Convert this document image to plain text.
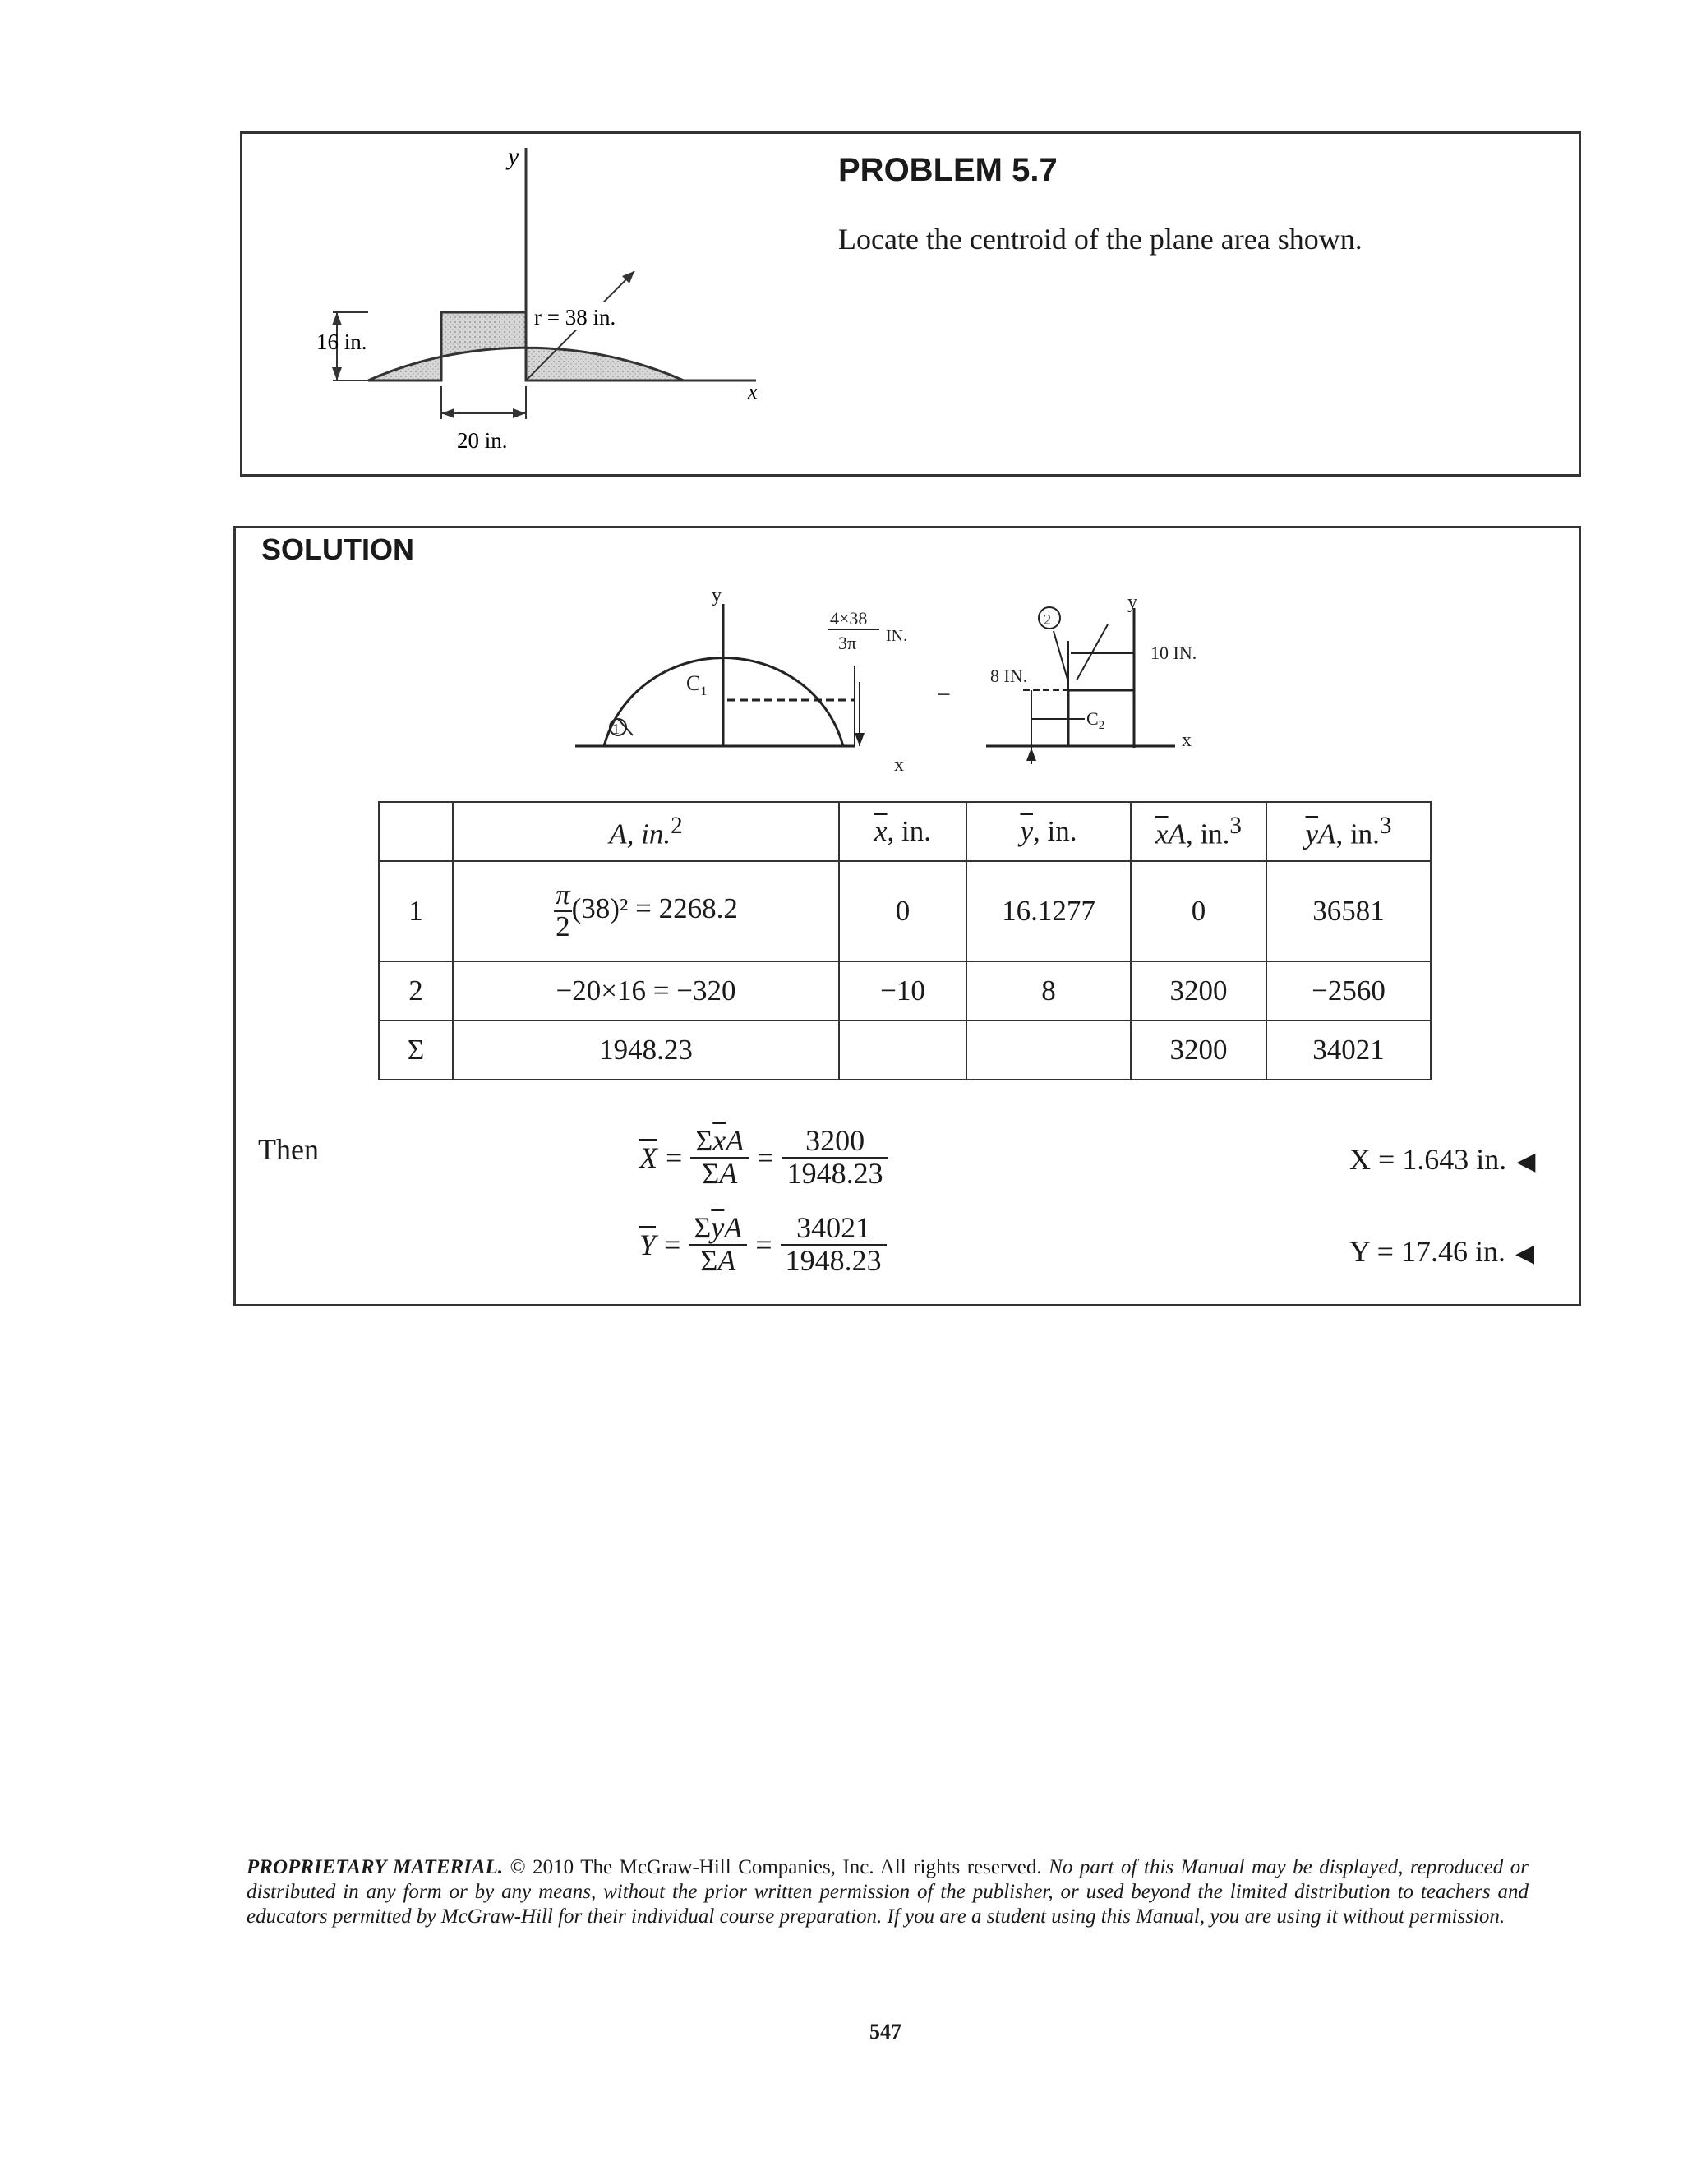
y
x
r = 38 in.
16 in.
20 in.
PROBLEM 5.7
Locate the centroid of the plane area shown.
SOLUTION
1
y
x
$C_1$
4×38
3π IN.
−
2
y
x
10 IN.
8 IN.
$C_2$
	A, in.$^2$	$\overline{x}$, in.	$\overline{y}$, in.	$\overline{x}A$, in.$^3$	$\overline{y}A$, in.$^3$
1	$\frac{\pi}{2} (38)^2 = 2268.2$	0	16.1277	0	36581
2	−20×16 = −320	−10	8	3200	−2560
Σ	1948.23			3200	34021
Then	$\overline{X} = \frac{\Sigma\overline{x}A}{\Sigma A} = \frac{3200}{1948.23}$	X = 1.643 in. ◀
$\overline{Y} = \frac{\Sigma\overline{y}A}{\Sigma A} = \frac{34021}{1948.23}$	Y = 17.46 in. ◀
PROPRIETARY MATERIAL. © 2010 The McGraw-Hill Companies, Inc. All rights reserved. No part of this Manual may be displayed, reproduced or distributed in any form or by any means, without the prior written permission of the publisher, or used beyond the limited distribution to teachers and educators permitted by McGraw-Hill for their individual course preparation. If you are a student using this Manual, you are using it without permission.
547
